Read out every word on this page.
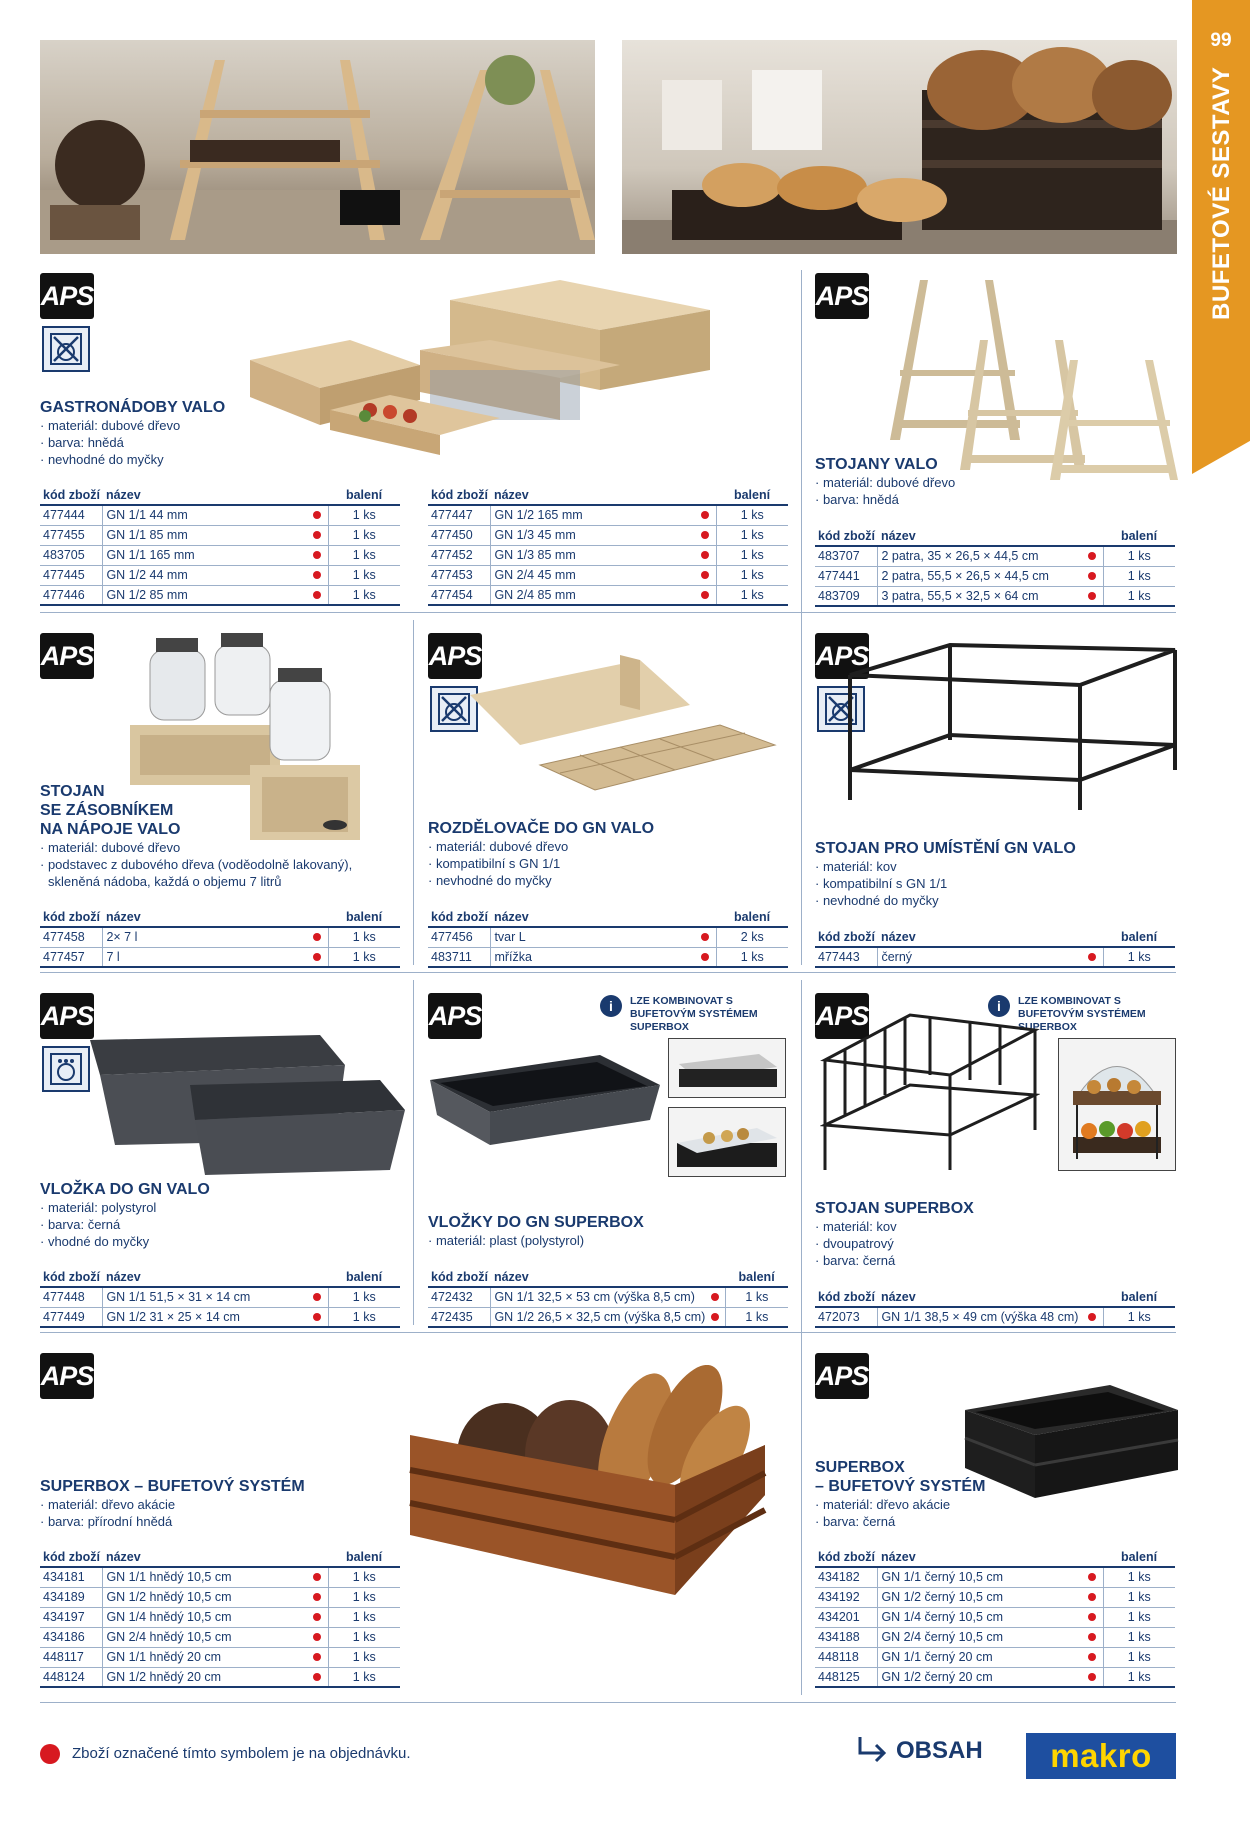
99
BUFETOVÉ SESTAVY
APS
GASTRONÁDOBY VALO
· materiál: dubové dřevo
· barva: hnědá
· nevhodné do myčky
kód zboží	název		balení
477444	GN 1/1 44 mm		1 ks
477455	GN 1/1 85 mm		1 ks
483705	GN 1/1 165 mm		1 ks
477445	GN 1/2 44 mm		1 ks
477446	GN 1/2 85 mm		1 ks
kód zboží	název		balení
477447	GN 1/2 165 mm		1 ks
477450	GN 1/3 45 mm		1 ks
477452	GN 1/3 85 mm		1 ks
477453	GN 2/4 45 mm		1 ks
477454	GN 2/4 85 mm		1 ks
APS
STOJANY VALO
· materiál: dubové dřevo
· barva: hnědá
kód zboží	název		balení
483707	2 patra, 35 × 26,5 × 44,5 cm		1 ks
477441	2 patra, 55,5 × 26,5 × 44,5 cm		1 ks
483709	3 patra, 55,5 × 32,5 × 64 cm		1 ks
APS
STOJAN
SE ZÁSOBNÍKEM
NA NÁPOJE VALO
· materiál: dubové dřevo
· podstavec z dubového dřeva (voděodolně lakovaný), skleněná nádoba, každá o objemu 7 litrů
kód zboží	název		balení
477458	2× 7 l		1 ks
477457	7 l		1 ks
APS
ROZDĚLOVAČE DO GN VALO
· materiál: dubové dřevo
· kompatibilní s GN 1/1
· nevhodné do myčky
kód zboží	název		balení
477456	tvar L		2 ks
483711	mřížka		1 ks
APS
STOJAN PRO UMÍSTĚNÍ GN VALO
· materiál: kov
· kompatibilní s GN 1/1
· nevhodné do myčky
kód zboží	název		balení
477443	černý		1 ks
APS
VLOŽKA DO GN VALO
· materiál: polystyrol
· barva: černá
· vhodné do myčky
kód zboží	název		balení
477448	GN 1/1 51,5 × 31 × 14 cm		1 ks
477449	GN 1/2 31 × 25 × 14 cm		1 ks
APS	i	LZE KOMBINOVAT S BUFETOVÝM SYSTÉMEM SUPERBOX
VLOŽKY DO GN SUPERBOX
· materiál: plast (polystyrol)
kód zboží	název		balení
472432	GN 1/1 32,5 × 53 cm (výška 8,5 cm)		1 ks
472435	GN 1/2 26,5 × 32,5 cm (výška 8,5 cm)		1 ks
APS	i	LZE KOMBINOVAT S BUFETOVÝM SYSTÉMEM SUPERBOX
STOJAN SUPERBOX
· materiál: kov
· dvoupatrový
· barva: černá
kód zboží	název		balení
472073	GN 1/1 38,5 × 49 cm (výška 48 cm)		1 ks
APS
SUPERBOX – BUFETOVÝ SYSTÉM
· materiál: dřevo akácie
· barva: přírodní hnědá
kód zboží	název		balení
434181	GN 1/1 hnědý 10,5 cm		1 ks
434189	GN 1/2 hnědý 10,5 cm		1 ks
434197	GN 1/4 hnědý 10,5 cm		1 ks
434186	GN 2/4 hnědý 10,5 cm		1 ks
448117	GN 1/1 hnědý 20 cm		1 ks
448124	GN 1/2 hnědý 20 cm		1 ks
APS
SUPERBOX
– BUFETOVÝ SYSTÉM
· materiál: dřevo akácie
· barva: černá
kód zboží	název		balení
434182	GN 1/1 černý 10,5 cm		1 ks
434192	GN 1/2 černý 10,5 cm		1 ks
434201	GN 1/4 černý 10,5 cm		1 ks
434188	GN 2/4 černý 10,5 cm		1 ks
448118	GN 1/1 černý 20 cm		1 ks
448125	GN 1/2 černý 20 cm		1 ks
Zboží označené tímto symbolem je na objednávku.	OBSAH	makro
